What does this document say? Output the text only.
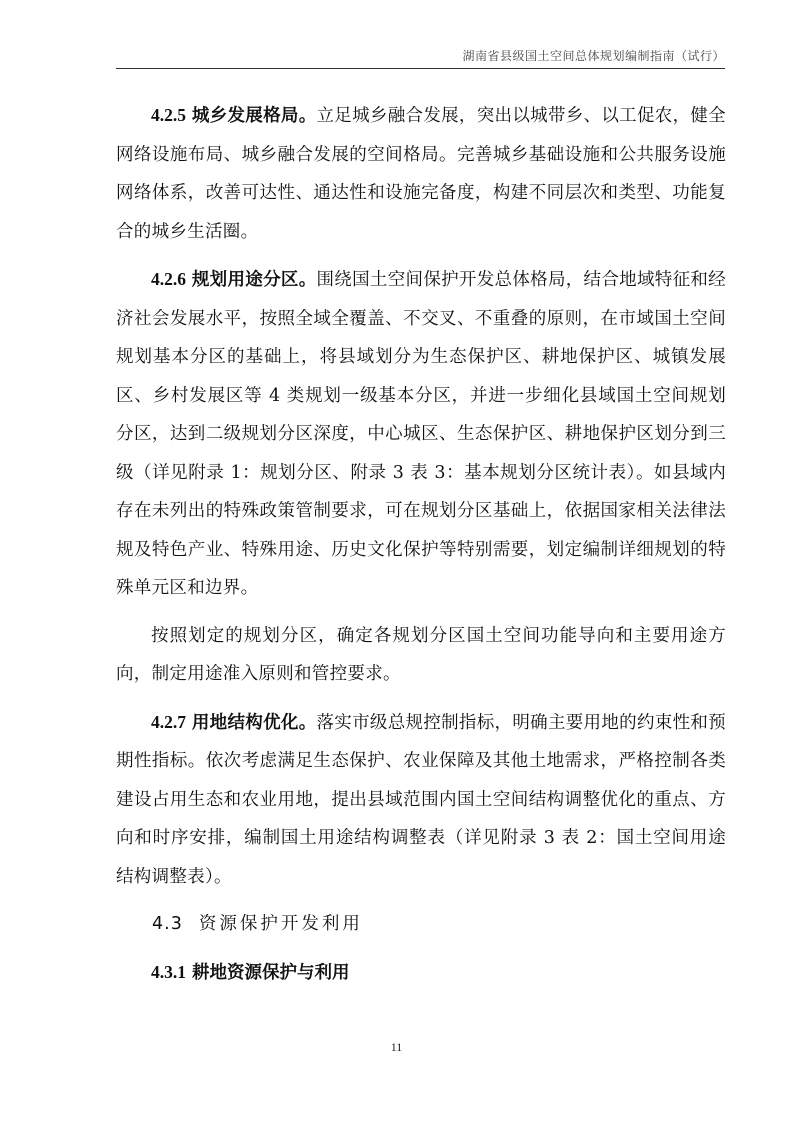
湖南省县级国土空间总体规划编制指南（试行）

4.2.5 城乡发展格局。立足城乡融合发展，突出以城带乡、以工促农，健全网络设施布局、城乡融合发展的空间格局。完善城乡基础设施和公共服务设施网络体系，改善可达性、通达性和设施完备度，构建不同层次和类型、功能复合的城乡生活圈。

4.2.6 规划用途分区。围绕国土空间保护开发总体格局，结合地域特征和经济社会发展水平，按照全域全覆盖、不交叉、不重叠的原则，在市域国土空间规划基本分区的基础上，将县域划分为生态保护区、耕地保护区、城镇发展区、乡村发展区等 4 类规划一级基本分区，并进一步细化县域国土空间规划分区，达到二级规划分区深度，中心城区、生态保护区、耕地保护区划分到三级（详见附录 1：规划分区、附录 3 表 3：基本规划分区统计表）。如县域内存在未列出的特殊政策管制要求，可在规划分区基础上，依据国家相关法律法规及特色产业、特殊用途、历史文化保护等特别需要，划定编制详细规划的特殊单元区和边界。

按照划定的规划分区，确定各规划分区国土空间功能导向和主要用途方向，制定用途准入原则和管控要求。

4.2.7 用地结构优化。落实市级总规控制指标，明确主要用地的约束性和预期性指标。依次考虑满足生态保护、农业保障及其他土地需求，严格控制各类建设占用生态和农业用地，提出县域范围内国土空间结构调整优化的重点、方向和时序安排，编制国土用途结构调整表（详见附录 3 表 2：国土空间用途结构调整表）。

4.3 资源保护开发利用

4.3.1 耕地资源保护与利用

11
